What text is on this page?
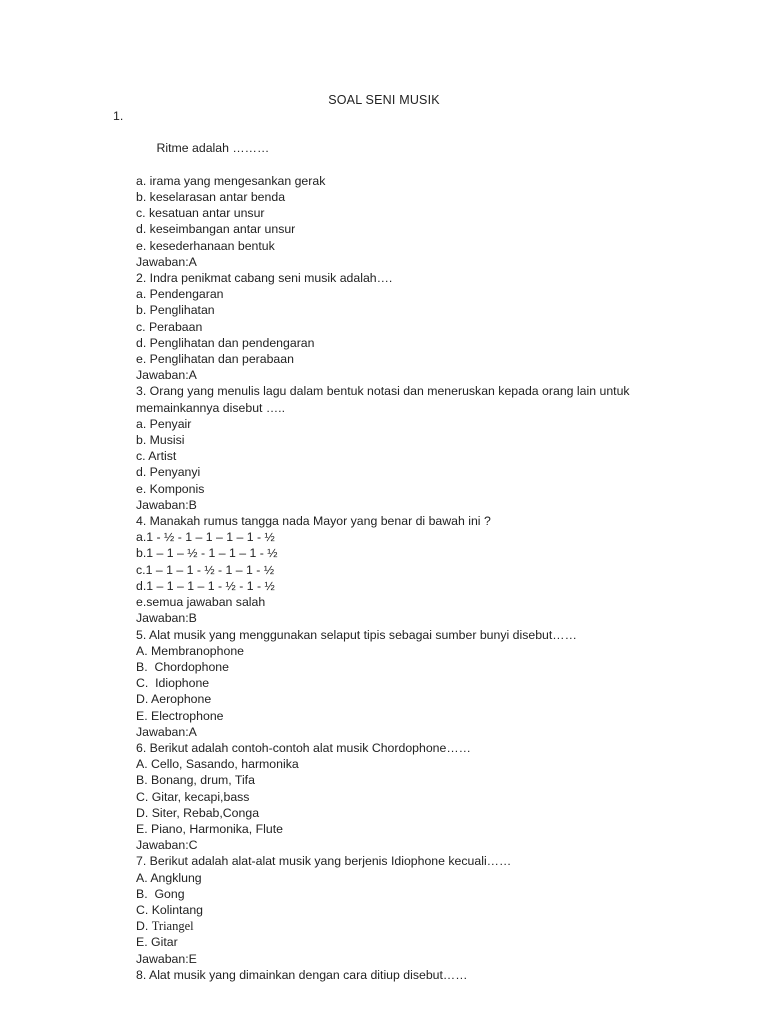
SOAL SENI MUSIK

1.

Ritme adalah ………

a. irama yang mengesankan gerak
b. keselarasan antar benda
c. kesatuan antar unsur
d. keseimbangan antar unsur
e. kesederhanaan bentuk
Jawaban:A
2. Indra penikmat cabang seni musik adalah….
a. Pendengaran
b. Penglihatan
c. Perabaan
d. Penglihatan dan pendengaran
e. Penglihatan dan perabaan
Jawaban:A
3. Orang yang menulis lagu dalam bentuk notasi dan meneruskan kepada orang lain untuk memainkannya disebut …..
a. Penyair
b. Musisi
c. Artist
d. Penyanyi
e. Komponis
Jawaban:B
4. Manakah rumus tangga nada Mayor yang benar di bawah ini ?
a.1 - ½ - 1 – 1 – 1 – 1 - ½
b.1 – 1 – ½ - 1 – 1 – 1 - ½
c.1 – 1 – 1 - ½ - 1 – 1 - ½
d.1 – 1 – 1 – 1 - ½ - 1 - ½
e.semua jawaban salah
Jawaban:B
5. Alat musik yang menggunakan selaput tipis sebagai sumber bunyi disebut……
A. Membranophone
B.  Chordophone
C.  Idiophone
D. Aerophone
E. Electrophone
Jawaban:A
6. Berikut adalah contoh-contoh alat musik Chordophone……
A. Cello, Sasando, harmonika
B. Bonang, drum, Tifa
C. Gitar, kecapi,bass
D. Siter, Rebab,Conga
E. Piano, Harmonika, Flute
Jawaban:C
7. Berikut adalah alat-alat musik yang berjenis Idiophone kecuali……
A. Angklung
B.  Gong
C. Kolintang
D. Triangel
E. Gitar
Jawaban:E
8. Alat musik yang dimainkan dengan cara ditiup disebut……
